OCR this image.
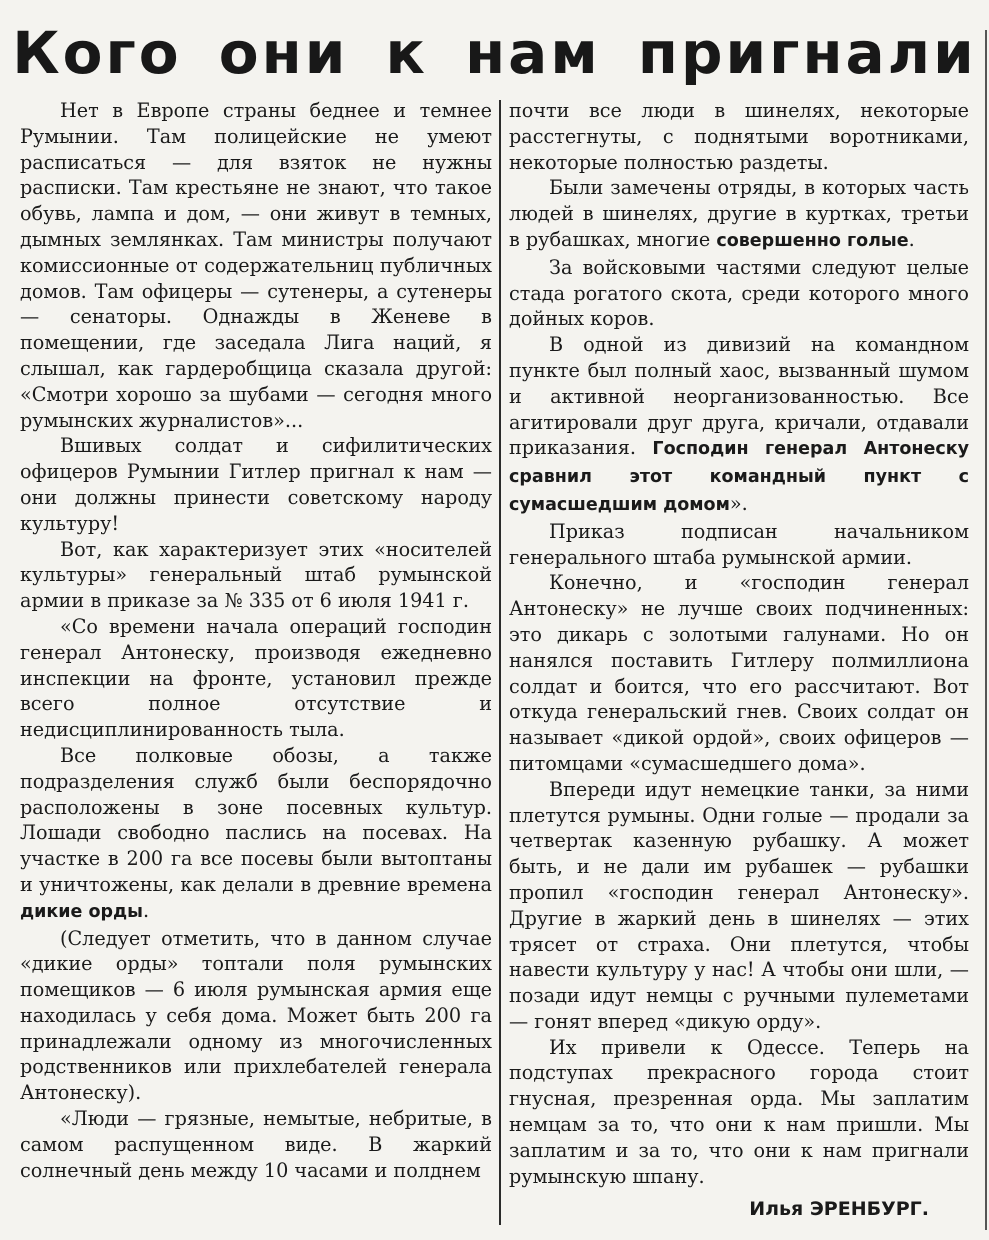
Кого они к нам пригнали

Нет в Европе страны беднее и темнее Румынии. Там полицейские не умеют расписаться — для взяток не нужны расписки. Там крестьяне не знают, что такое обувь, лампа и дом, — они живут в темных, дымных землянках. Там министры получают комиссионные от содержательниц публичных домов. Там офицеры — сутенеры, а сутенеры — сенаторы. Однажды в Женеве в помещении, где заседала Лига наций, я слышал, как гардеробщица сказала другой: «Смотри хорошо за шубами — сегодня много румынских журналистов»...

Вшивых солдат и сифилитических офицеров Румынии Гитлер пригнал к нам — они должны принести советскому народу культуру!

Вот, как характеризует этих «носителей культуры» генеральный штаб румынской армии в приказе за № 335 от 6 июля 1941 г.

«Со времени начала операций господин генерал Антонеску, производя ежедневно инспекции на фронте, установил прежде всего полное отсутствие и недисциплинированность тыла.

Все полковые обозы, а также подразделения служб были беспорядочно расположены в зоне посевных культур. Лошади свободно паслись на посевах. На участке в 200 га все посевы были вытоптаны и уничтожены, как делали в древние времена дикие орды.

(Следует отметить, что в данном случае «дикие орды» топтали поля румынских помещиков — 6 июля румынская армия еще находилась у себя дома. Может быть 200 га принадлежали одному из многочисленных родственников или прихлебателей генерала Антонеску).

«Люди — грязные, немытые, небритые, в самом распущенном виде. В жаркий солнечный день между 10 часами и полднем

почти все люди в шинелях, некоторые расстегнуты, с поднятыми воротниками, некоторые полностью раздеты.

Были замечены отряды, в которых часть людей в шинелях, другие в куртках, третьи в рубашках, многие совершенно голые.

За войсковыми частями следуют целые стада рогатого скота, среди которого много дойных коров.

В одной из дивизий на командном пункте был полный хаос, вызванный шумом и активной неорганизованностью. Все агитировали друг друга, кричали, отдавали приказания. Господин генерал Антонеску сравнил этот командный пункт с сумасшедшим домом».

Приказ подписан начальником генерального штаба румынской армии.

Конечно, и «господин генерал Антонеску» не лучше своих подчиненных: это дикарь с золотыми галунами. Но он нанялся поставить Гитлеру полмиллиона солдат и боится, что его рассчитают. Вот откуда генеральский гнев. Своих солдат он называет «дикой ордой», своих офицеров — питомцами «сумасшедшего дома».

Впереди идут немецкие танки, за ними плетутся румыны. Одни голые — продали за четвертак казенную рубашку. А может быть, и не дали им рубашек — рубашки пропил «господин генерал Антонеску». Другие в жаркий день в шинелях — этих трясет от страха. Они плетутся, чтобы навести культуру у нас! А чтобы они шли, — позади идут немцы с ручными пулеметами — гонят вперед «дикую орду».

Их привели к Одессе. Теперь на подступах прекрасного города стоит гнусная, презренная орда. Мы заплатим немцам за то, что они к нам пришли. Мы заплатим и за то, что они к нам пригнали румынскую шпану.

Илья ЭРЕНБУРГ.
